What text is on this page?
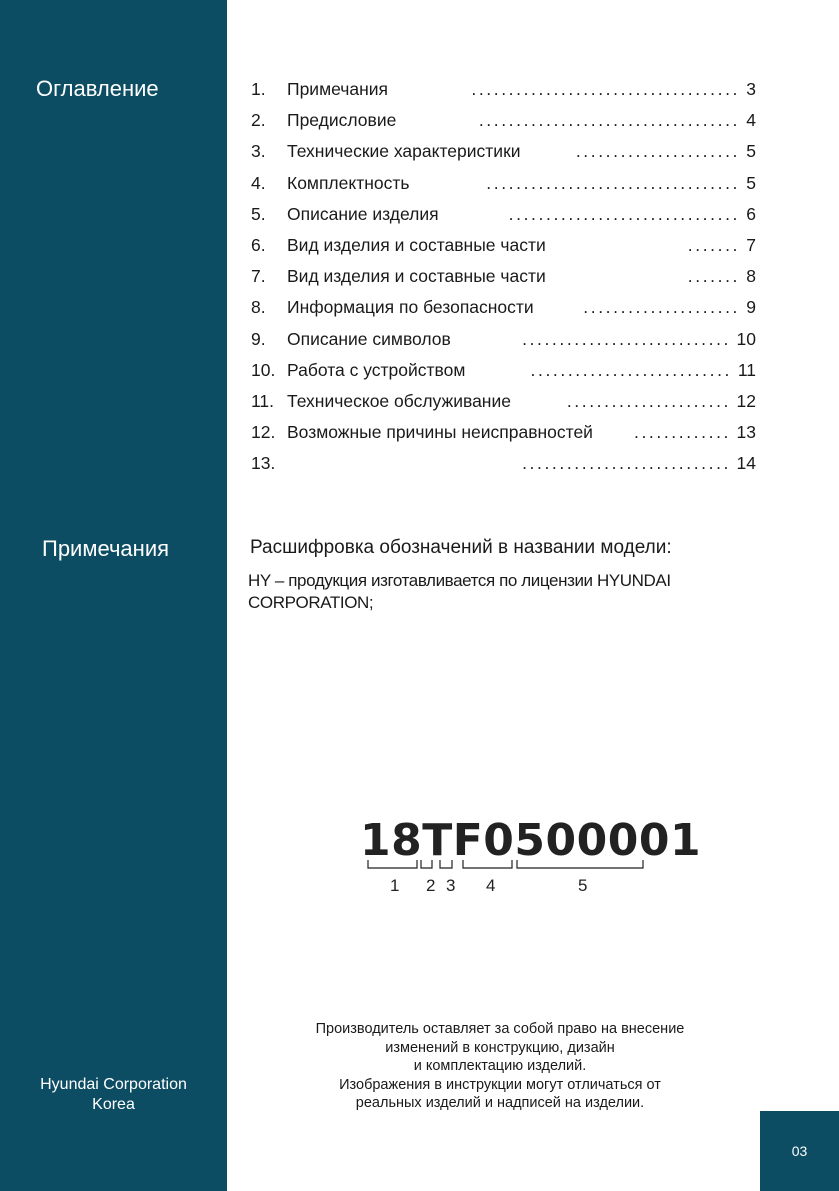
Оглавление
Примечания
Hyundai Corporation
Korea
1. Примечания	.................................... 3
2. Предисловие	................................... 4
3. Технические характеристики	...................... 5
4. Комплектность	.................................. 5
5. Описание изделия	............................... 6
6. Вид изделия и составные части	....... 7
7. Вид изделия и составные части	....... 8
8. Информация по безопасности	..................... 9
9. Описание символов	............................ 10
10. Работа с устройством	........................... 11
11. Техническое обслуживание	...................... 12
12. Возможные причины неисправностей	............. 13
13.	............................ 14
Расшифровка обозначений в названии модели:
HY – продукция изготавливается по лицензии HYUNDAI CORPORATION;
18TF0500001
1 2 3 4	5
Производитель оставляет за собой право на внесение
изменений в конструкцию, дизайн
и комплектацию изделий.
Изображения в инструкции могут отличаться от
реальных изделий и надписей на изделии.
03
